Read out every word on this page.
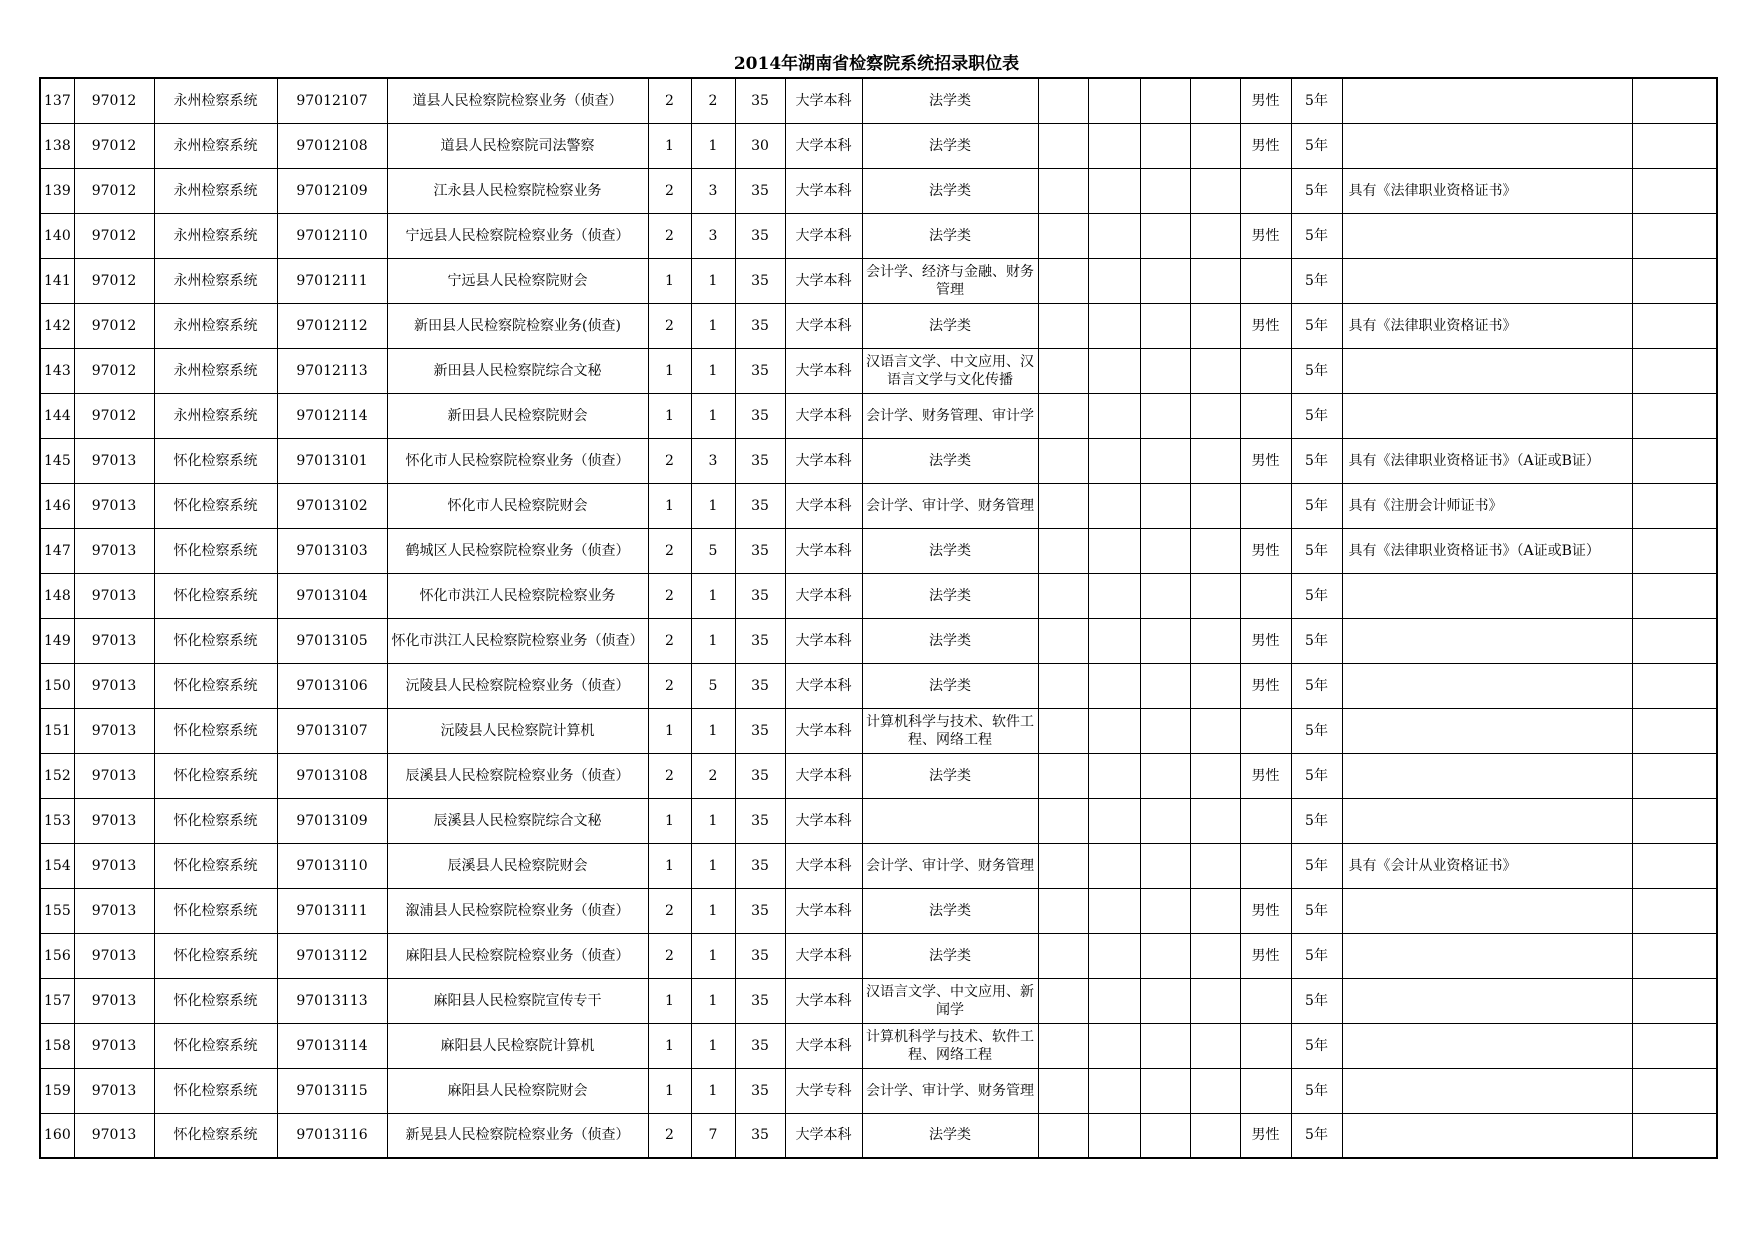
2014年湖南省检察院系统招录职位表
137	97012	永州检察系统	97012107	道县人民检察院检察业务（侦查）	2	2	35	大学本科	法学类					男性	5年		
138	97012	永州检察系统	97012108	道县人民检察院司法警察	1	1	30	大学本科	法学类					男性	5年		
139	97012	永州检察系统	97012109	江永县人民检察院检察业务	2	3	35	大学本科	法学类						5年	具有《法律职业资格证书》	
140	97012	永州检察系统	97012110	宁远县人民检察院检察业务（侦查）	2	3	35	大学本科	法学类					男性	5年		
141	97012	永州检察系统	97012111	宁远县人民检察院财会	1	1	35	大学本科	会计学、经济与金融、财务管理						5年		
142	97012	永州检察系统	97012112	新田县人民检察院检察业务(侦查)	2	1	35	大学本科	法学类					男性	5年	具有《法律职业资格证书》	
143	97012	永州检察系统	97012113	新田县人民检察院综合文秘	1	1	35	大学本科	汉语言文学、中文应用、汉语言文学与文化传播						5年		
144	97012	永州检察系统	97012114	新田县人民检察院财会	1	1	35	大学本科	会计学、财务管理、审计学						5年		
145	97013	怀化检察系统	97013101	怀化市人民检察院检察业务（侦查）	2	3	35	大学本科	法学类					男性	5年	具有《法律职业资格证书》（A证或B证）	
146	97013	怀化检察系统	97013102	怀化市人民检察院财会	1	1	35	大学本科	会计学、审计学、财务管理						5年	具有《注册会计师证书》	
147	97013	怀化检察系统	97013103	鹤城区人民检察院检察业务（侦查）	2	5	35	大学本科	法学类					男性	5年	具有《法律职业资格证书》（A证或B证）	
148	97013	怀化检察系统	97013104	怀化市洪江人民检察院检察业务	2	1	35	大学本科	法学类						5年		
149	97013	怀化检察系统	97013105	怀化市洪江人民检察院检察业务（侦查）	2	1	35	大学本科	法学类					男性	5年		
150	97013	怀化检察系统	97013106	沅陵县人民检察院检察业务（侦查）	2	5	35	大学本科	法学类					男性	5年		
151	97013	怀化检察系统	97013107	沅陵县人民检察院计算机	1	1	35	大学本科	计算机科学与技术、软件工程、网络工程						5年		
152	97013	怀化检察系统	97013108	辰溪县人民检察院检察业务（侦查）	2	2	35	大学本科	法学类					男性	5年		
153	97013	怀化检察系统	97013109	辰溪县人民检察院综合文秘	1	1	35	大学本科							5年		
154	97013	怀化检察系统	97013110	辰溪县人民检察院财会	1	1	35	大学本科	会计学、审计学、财务管理						5年	具有《会计从业资格证书》	
155	97013	怀化检察系统	97013111	溆浦县人民检察院检察业务（侦查）	2	1	35	大学本科	法学类					男性	5年		
156	97013	怀化检察系统	97013112	麻阳县人民检察院检察业务（侦查）	2	1	35	大学本科	法学类					男性	5年		
157	97013	怀化检察系统	97013113	麻阳县人民检察院宣传专干	1	1	35	大学本科	汉语言文学、中文应用、新闻学						5年		
158	97013	怀化检察系统	97013114	麻阳县人民检察院计算机	1	1	35	大学本科	计算机科学与技术、软件工程、网络工程						5年		
159	97013	怀化检察系统	97013115	麻阳县人民检察院财会	1	1	35	大学专科	会计学、审计学、财务管理						5年		
160	97013	怀化检察系统	97013116	新晃县人民检察院检察业务（侦查）	2	7	35	大学本科	法学类					男性	5年		
